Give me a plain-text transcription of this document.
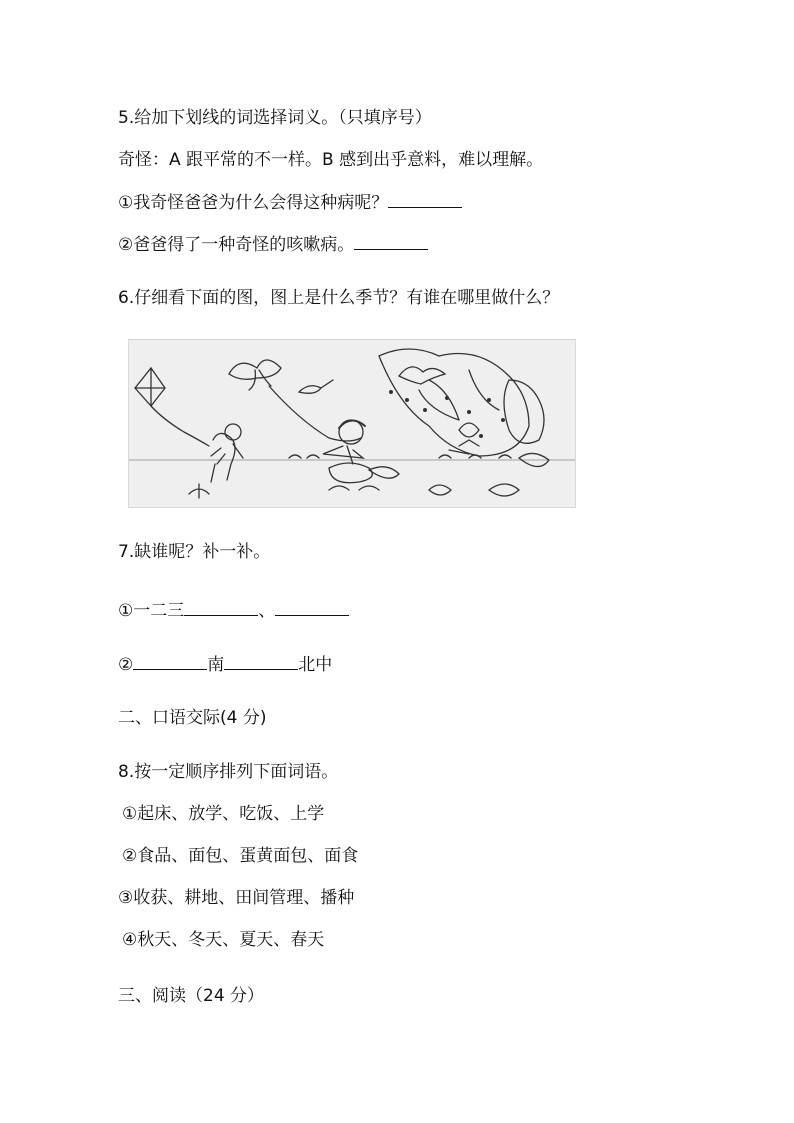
5.给加下划线的词选择词义。（只填序号）
奇怪：A 跟平常的不一样。B 感到出乎意料，难以理解。
①我奇怪爸爸为什么会得这种病呢？
②爸爸得了一种奇怪的咳嗽病。
6.仔细看下面的图，图上是什么季节？有谁在哪里做什么？
7.缺谁呢？补一补。
①一二三	、
②	南	北中
二、口语交际(4 分)
8.按一定顺序排列下面词语。
①起床、放学、吃饭、上学
②食品、面包、蛋黄面包、面食
③收获、耕地、田间管理、播种
④秋天、冬天、夏天、春天
三、阅读（24 分）
